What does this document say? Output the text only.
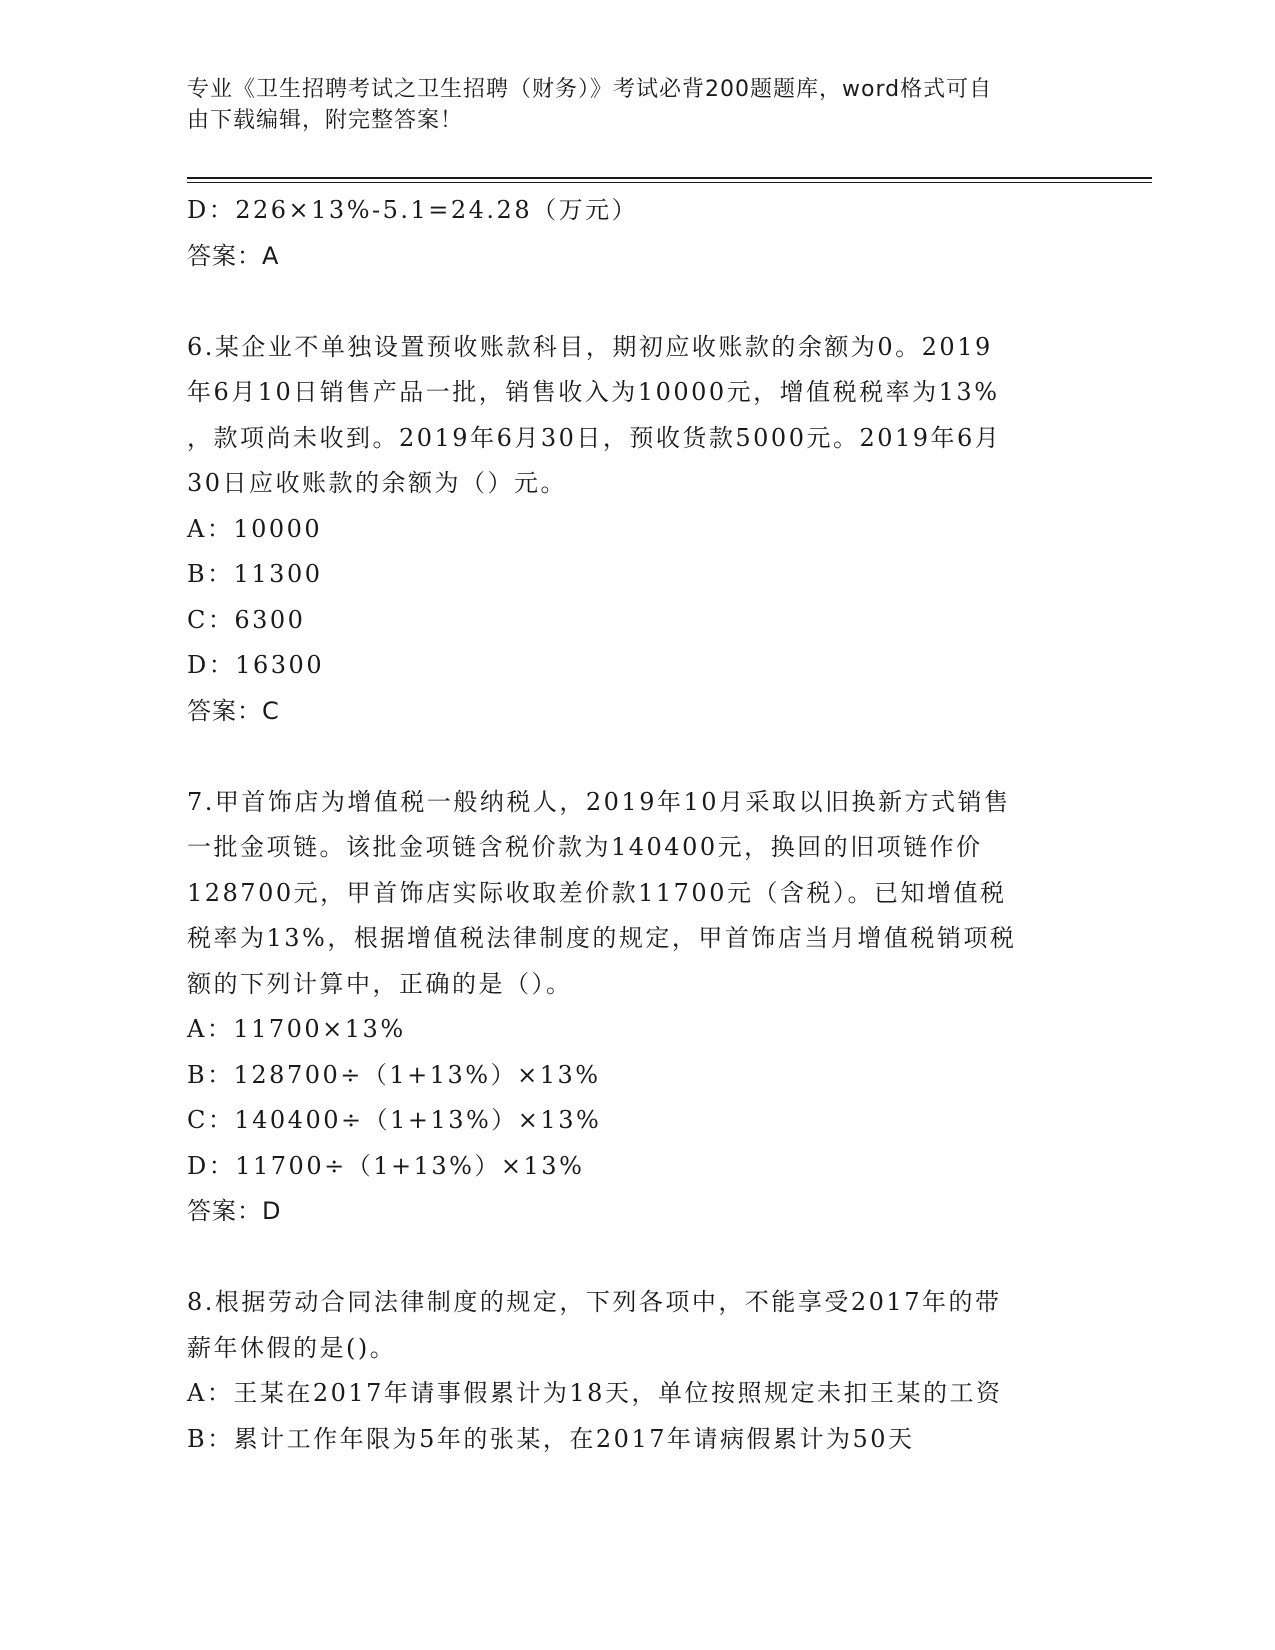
专业《卫生招聘考试之卫生招聘（财务）》考试必背200题题库，word格式可自
由下载编辑，附完整答案！
D：226×13%-5.1=24.28（万元）
答案：A
6.某企业不单独设置预收账款科目，期初应收账款的余额为0。2019
年6月10日销售产品一批，销售收入为10000元，增值税税率为13%
，款项尚未收到。2019年6月30日，预收货款5000元。2019年6月
30日应收账款的余额为（）元。
A：10000
B：11300
C：6300
D：16300
答案：C
7.甲首饰店为增值税一般纳税人，2019年10月采取以旧换新方式销售
一批金项链。该批金项链含税价款为140400元，换回的旧项链作价
128700元，甲首饰店实际收取差价款11700元（含税）。已知增值税
税率为13%，根据增值税法律制度的规定，甲首饰店当月增值税销项税
额的下列计算中，正确的是（）。
A：11700×13%
B：128700÷（1+13%）×13%
C：140400÷（1+13%）×13%
D：11700÷（1+13%）×13%
答案：D
8.根据劳动合同法律制度的规定，下列各项中，不能享受2017年的带
薪年休假的是()。
A：王某在2017年请事假累计为18天，单位按照规定未扣王某的工资
B：累计工作年限为5年的张某，在2017年请病假累计为50天
